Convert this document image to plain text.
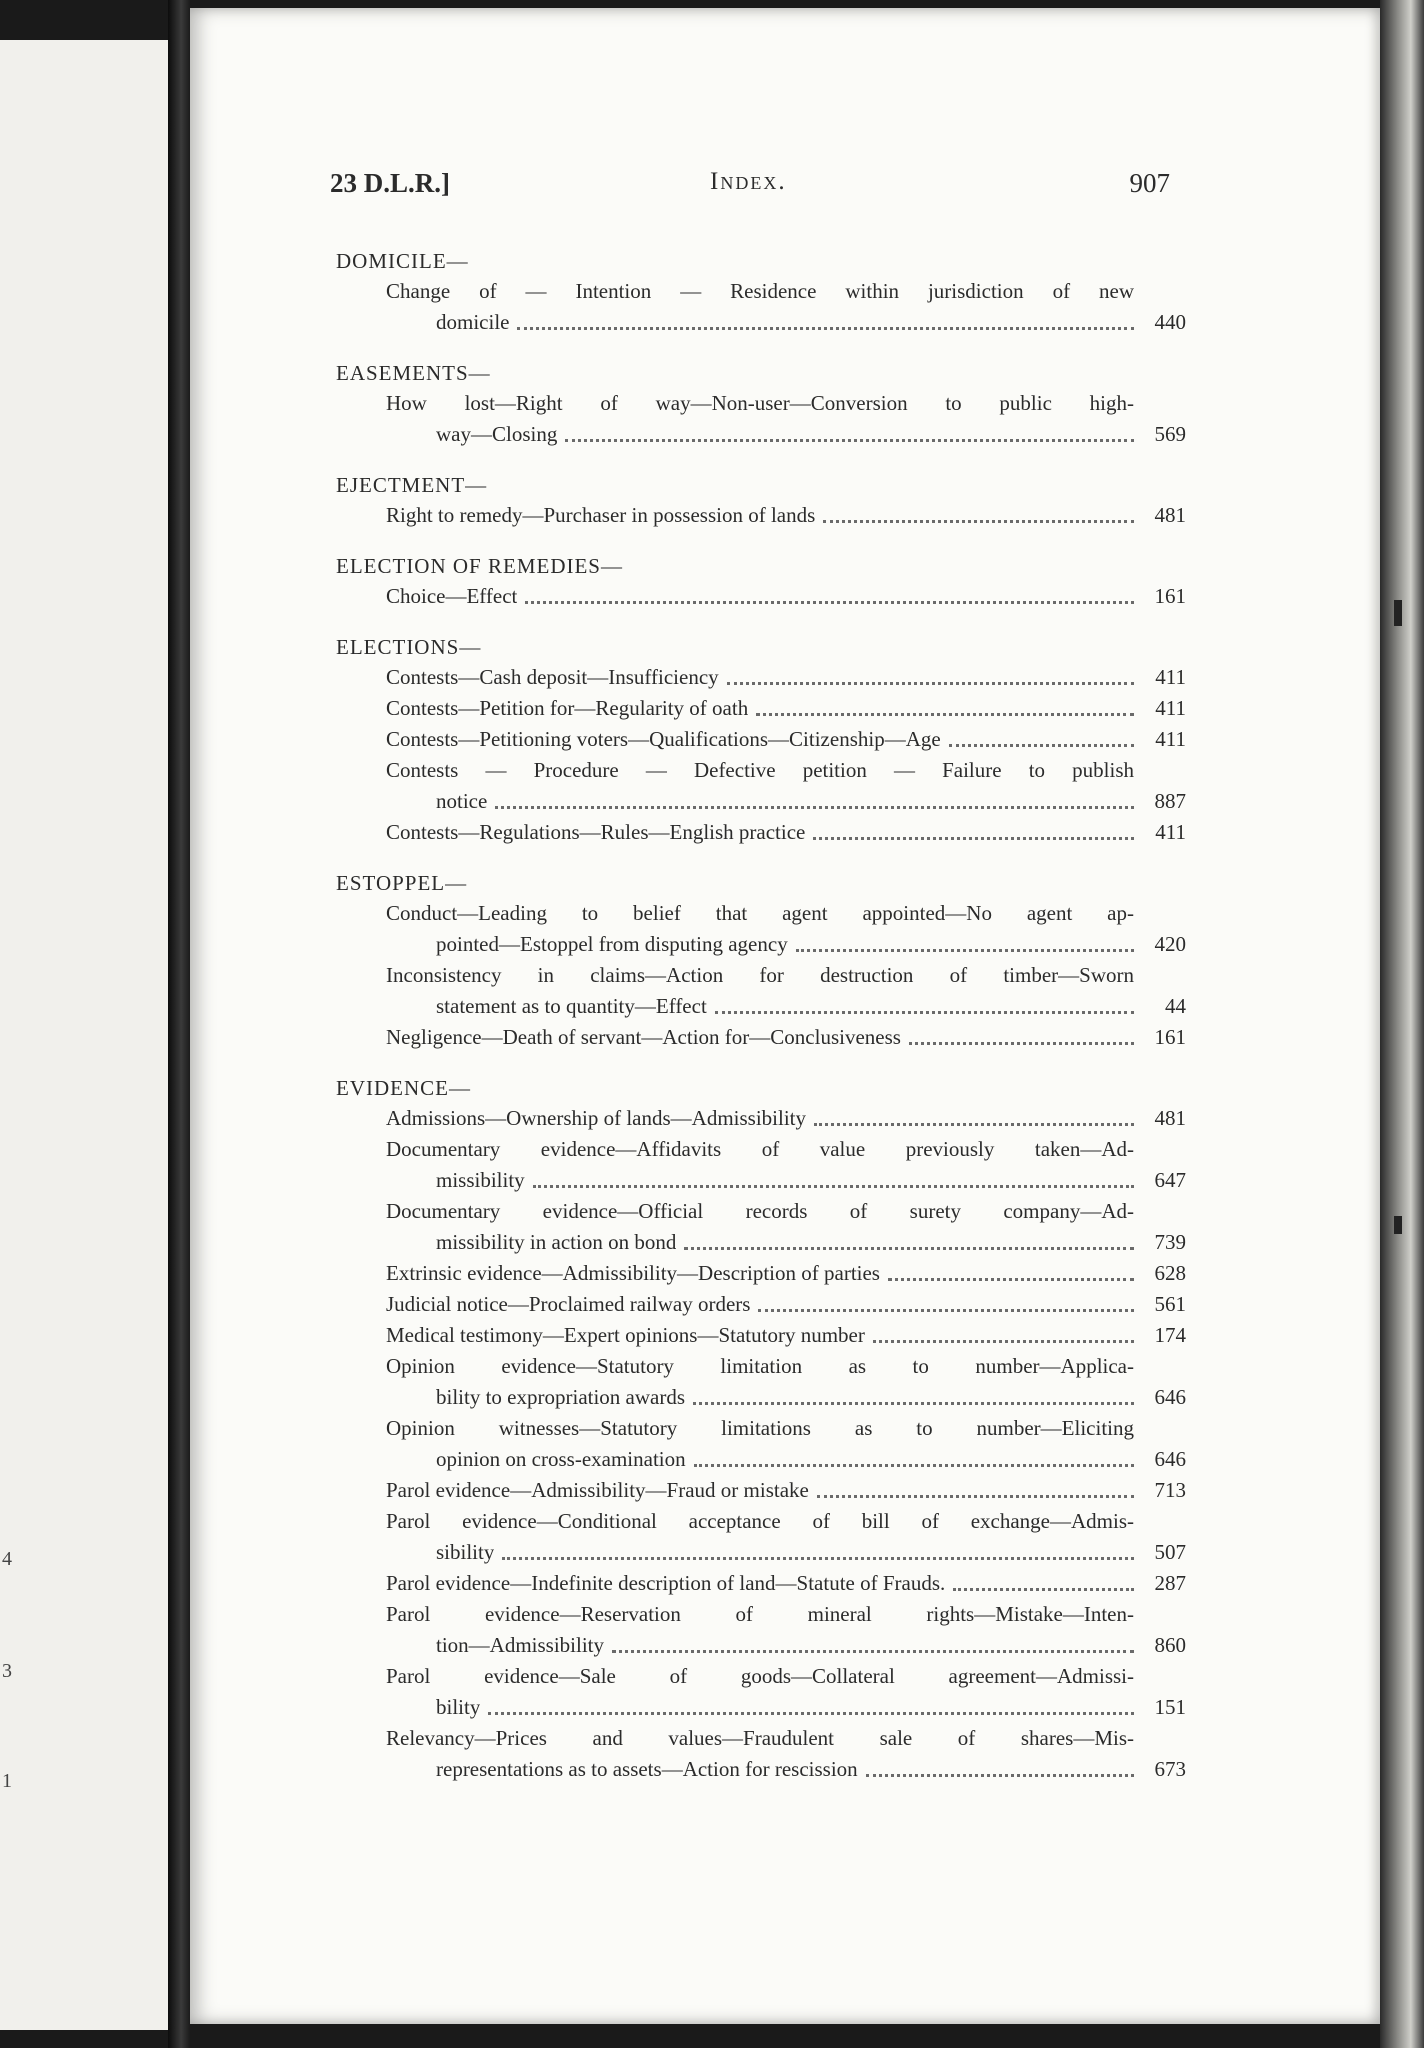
4
3
1
23 D.L.R.]	Index.	907
DOMICILE—
Change of — Intention — Residence within jurisdiction of new
domicile	440
EASEMENTS—
How lost—Right of way—Non-user—Conversion to public high-
way—Closing	569
EJECTMENT—
Right to remedy—Purchaser in possession of lands	481
ELECTION OF REMEDIES—
Choice—Effect	161
ELECTIONS—
Contests—Cash deposit—Insufficiency	411
Contests—Petition for—Regularity of oath	411
Contests—Petitioning voters—Qualifications—Citizenship—Age	411
Contests — Procedure — Defective petition — Failure to publish
notice	887
Contests—Regulations—Rules—English practice	411
ESTOPPEL—
Conduct—Leading to belief that agent appointed—No agent ap-
pointed—Estoppel from disputing agency	420
Inconsistency in claims—Action for destruction of timber—Sworn
statement as to quantity—Effect	44
Negligence—Death of servant—Action for—Conclusiveness	161
EVIDENCE—
Admissions—Ownership of lands—Admissibility	481
Documentary evidence—Affidavits of value previously taken—Ad-
missibility	647
Documentary evidence—Official records of surety company—Ad-
missibility in action on bond	739
Extrinsic evidence—Admissibility—Description of parties	628
Judicial notice—Proclaimed railway orders	561
Medical testimony—Expert opinions—Statutory number	174
Opinion evidence—Statutory limitation as to number—Applica-
bility to expropriation awards	646
Opinion witnesses—Statutory limitations as to number—Eliciting
opinion on cross-examination	646
Parol evidence—Admissibility—Fraud or mistake	713
Parol evidence—Conditional acceptance of bill of exchange—Admis-
sibility	507
Parol evidence—Indefinite description of land—Statute of Frauds.	287
Parol evidence—Reservation of mineral rights—Mistake—Inten-
tion—Admissibility	860
Parol evidence—Sale of goods—Collateral agreement—Admissi-
bility	151
Relevancy—Prices and values—Fraudulent sale of shares—Mis-
representations as to assets—Action for rescission	673
